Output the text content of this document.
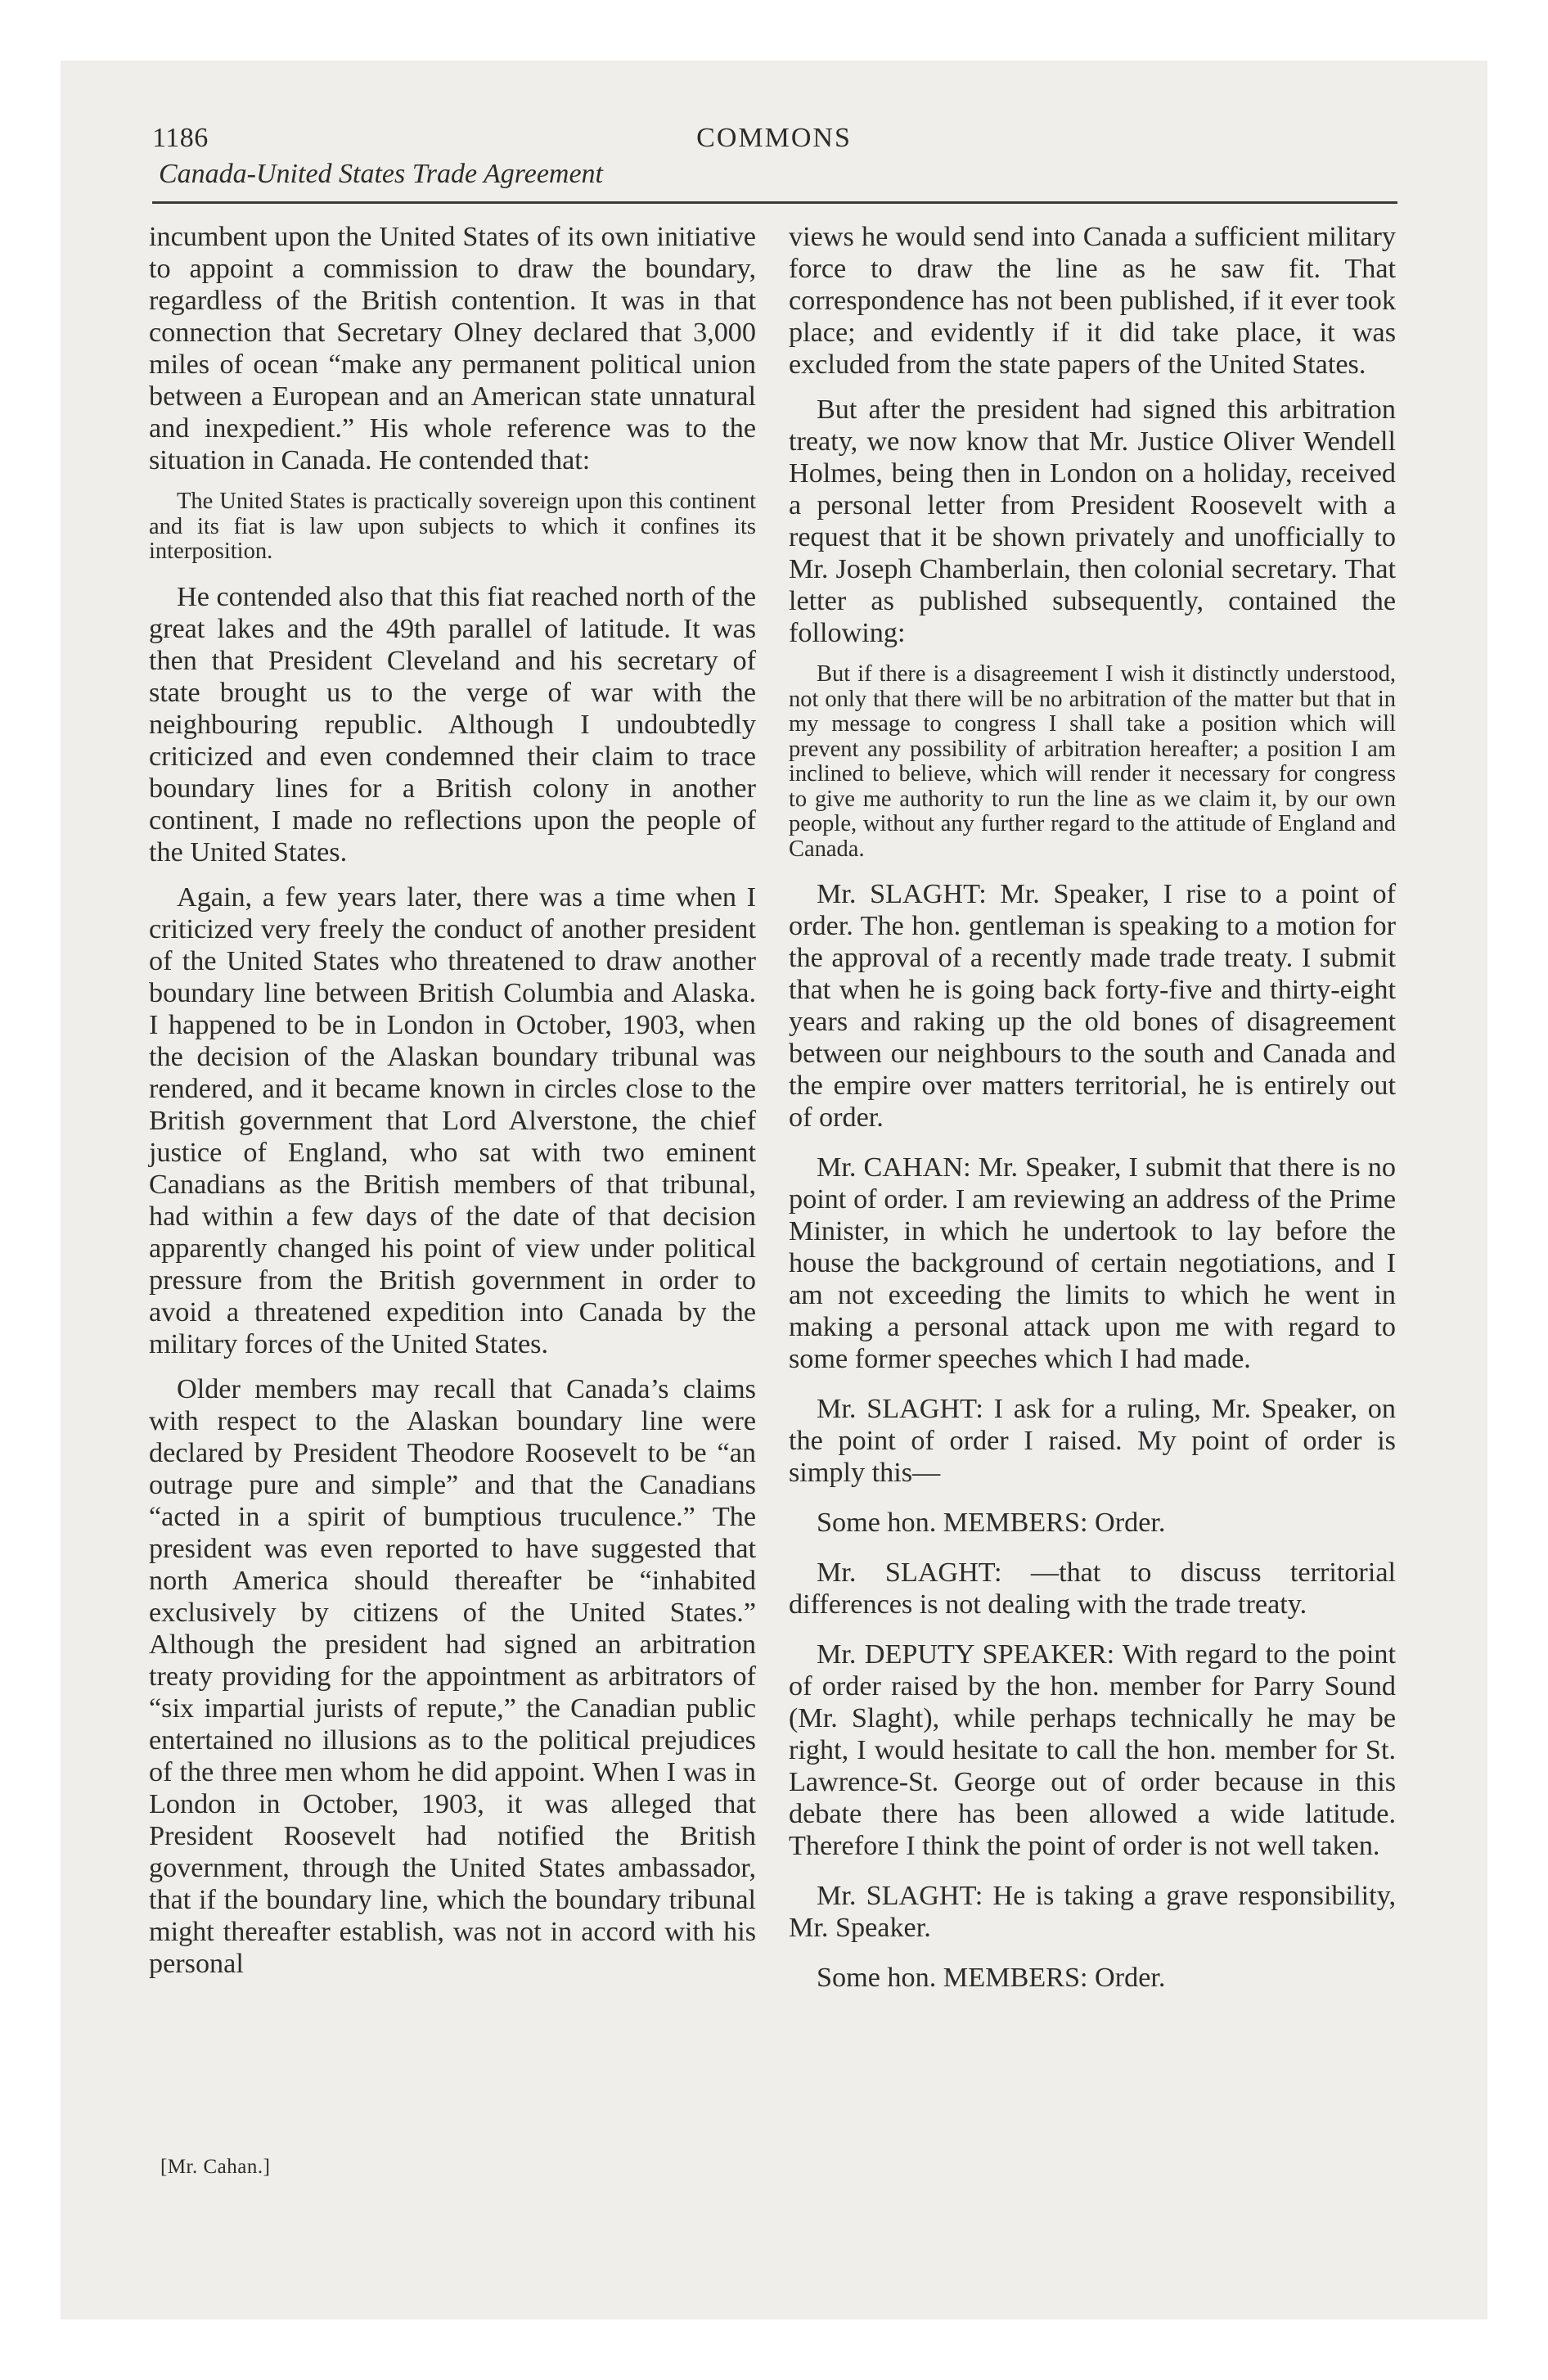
1186	COMMONS
Canada-United States Trade Agreement

incumbent upon the United States of its own initiative to appoint a commission to draw the boundary, regardless of the British contention. It was in that connection that Secretary Olney declared that 3,000 miles of ocean “make any permanent political union between a European and an American state unnatural and inexpedient.” His whole reference was to the situation in Canada. He contended that:

The United States is practically sovereign upon this continent and its fiat is law upon subjects to which it confines its interposition.

He contended also that this fiat reached north of the great lakes and the 49th parallel of latitude. It was then that President Cleveland and his secretary of state brought us to the verge of war with the neighbouring republic. Although I undoubtedly criticized and even condemned their claim to trace boundary lines for a British colony in another continent, I made no reflections upon the people of the United States.

Again, a few years later, there was a time when I criticized very freely the conduct of another president of the United States who threatened to draw another boundary line between British Columbia and Alaska. I happened to be in London in October, 1903, when the decision of the Alaskan boundary tribunal was rendered, and it became known in circles close to the British government that Lord Alverstone, the chief justice of England, who sat with two eminent Canadians as the British members of that tribunal, had within a few days of the date of that decision apparently changed his point of view under political pressure from the British government in order to avoid a threatened expedition into Canada by the military forces of the United States.

Older members may recall that Canada’s claims with respect to the Alaskan boundary line were declared by President Theodore Roosevelt to be “an outrage pure and simple” and that the Canadians “acted in a spirit of bumptious truculence.” The president was even reported to have suggested that north America should thereafter be “inhabited exclusively by citizens of the United States.” Although the president had signed an arbitration treaty providing for the appointment as arbitrators of “six impartial jurists of repute,” the Canadian public entertained no illusions as to the political prejudices of the three men whom he did appoint. When I was in London in October, 1903, it was alleged that President Roosevelt had notified the British government, through the United States ambassador, that if the boundary line, which the boundary tribunal might thereafter establish, was not in accord with his personal

views he would send into Canada a sufficient military force to draw the line as he saw fit. That correspondence has not been published, if it ever took place; and evidently if it did take place, it was excluded from the state papers of the United States.

But after the president had signed this arbitration treaty, we now know that Mr. Justice Oliver Wendell Holmes, being then in London on a holiday, received a personal letter from President Roosevelt with a request that it be shown privately and unofficially to Mr. Joseph Chamberlain, then colonial secretary. That letter as published subsequently, contained the following:

But if there is a disagreement I wish it distinctly understood, not only that there will be no arbitration of the matter but that in my message to congress I shall take a position which will prevent any possibility of arbitration hereafter; a position I am inclined to believe, which will render it necessary for congress to give me authority to run the line as we claim it, by our own people, without any further regard to the attitude of England and Canada.

Mr. SLAGHT: Mr. Speaker, I rise to a point of order. The hon. gentleman is speaking to a motion for the approval of a recently made trade treaty. I submit that when he is going back forty-five and thirty-eight years and raking up the old bones of disagreement between our neighbours to the south and Canada and the empire over matters territorial, he is entirely out of order.

Mr. CAHAN: Mr. Speaker, I submit that there is no point of order. I am reviewing an address of the Prime Minister, in which he undertook to lay before the house the background of certain negotiations, and I am not exceeding the limits to which he went in making a personal attack upon me with regard to some former speeches which I had made.

Mr. SLAGHT: I ask for a ruling, Mr. Speaker, on the point of order I raised. My point of order is simply this—

Some hon. MEMBERS: Order.

Mr. SLAGHT: —that to discuss territorial differences is not dealing with the trade treaty.

Mr. DEPUTY SPEAKER: With regard to the point of order raised by the hon. member for Parry Sound (Mr. Slaght), while perhaps technically he may be right, I would hesitate to call the hon. member for St. Lawrence-St. George out of order because in this debate there has been allowed a wide latitude. Therefore I think the point of order is not well taken.

Mr. SLAGHT: He is taking a grave responsibility, Mr. Speaker.

Some hon. MEMBERS: Order.

[Mr. Cahan.]
